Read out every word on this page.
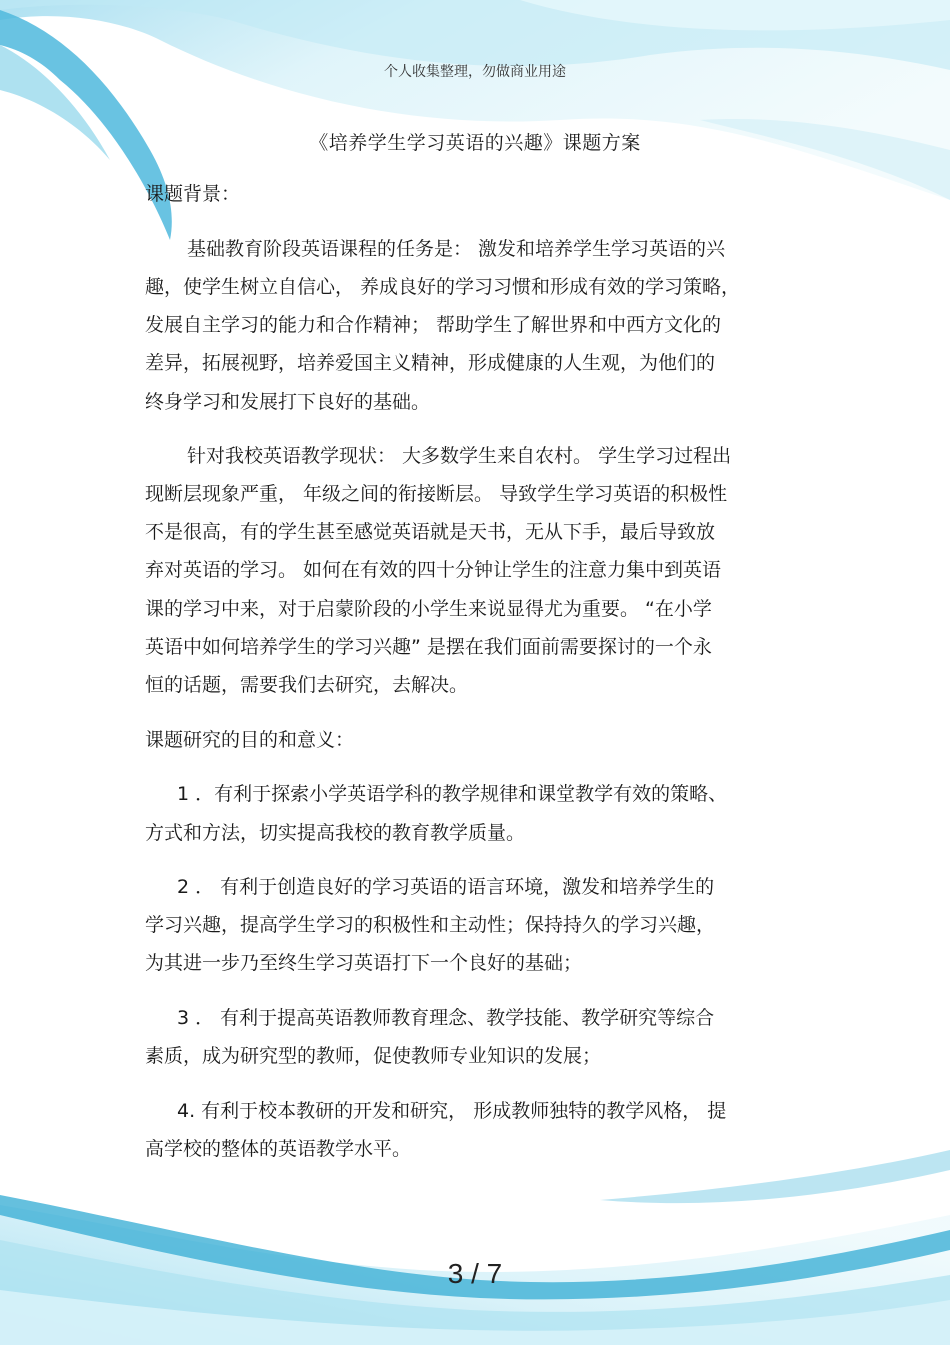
个人收集整理，勿做商业用途
《培养学生学习英语的兴趣》课题方案
课题背景：
基础教育阶段英语课程的任务是： 激发和培养学生学习英语的兴
趣，使学生树立自信心， 养成良好的学习习惯和形成有效的学习策略，
发展自主学习的能力和合作精神； 帮助学生了解世界和中西方文化的
差异，拓展视野，培养爱国主义精神，形成健康的人生观，为他们的
终身学习和发展打下良好的基础。
针对我校英语教学现状： 大多数学生来自农村。 学生学习过程出
现断层现象严重， 年级之间的衔接断层。 导致学生学习英语的积极性
不是很高，有的学生甚至感觉英语就是天书，无从下手，最后导致放
弃对英语的学习。 如何在有效的四十分钟让学生的注意力集中到英语
课的学习中来，对于启蒙阶段的小学生来说显得尤为重要。 “在小学
英语中如何培养学生的学习兴趣” 是摆在我们面前需要探讨的一个永
恒的话题，需要我们去研究，去解决。
课题研究的目的和意义：
1 ．有利于探索小学英语学科的教学规律和课堂教学有效的策略、
方式和方法，切实提高我校的教育教学质量。
2 ． 有利于创造良好的学习英语的语言环境，激发和培养学生的
学习兴趣，提高学生学习的积极性和主动性；保持持久的学习兴趣，
为其进一步乃至终生学习英语打下一个良好的基础；
3 ． 有利于提高英语教师教育理念、教学技能、教学研究等综合
素质，成为研究型的教师，促使教师专业知识的发展；
4. 有利于校本教研的开发和研究， 形成教师独特的教学风格， 提
高学校的整体的英语教学水平。
3 / 7
